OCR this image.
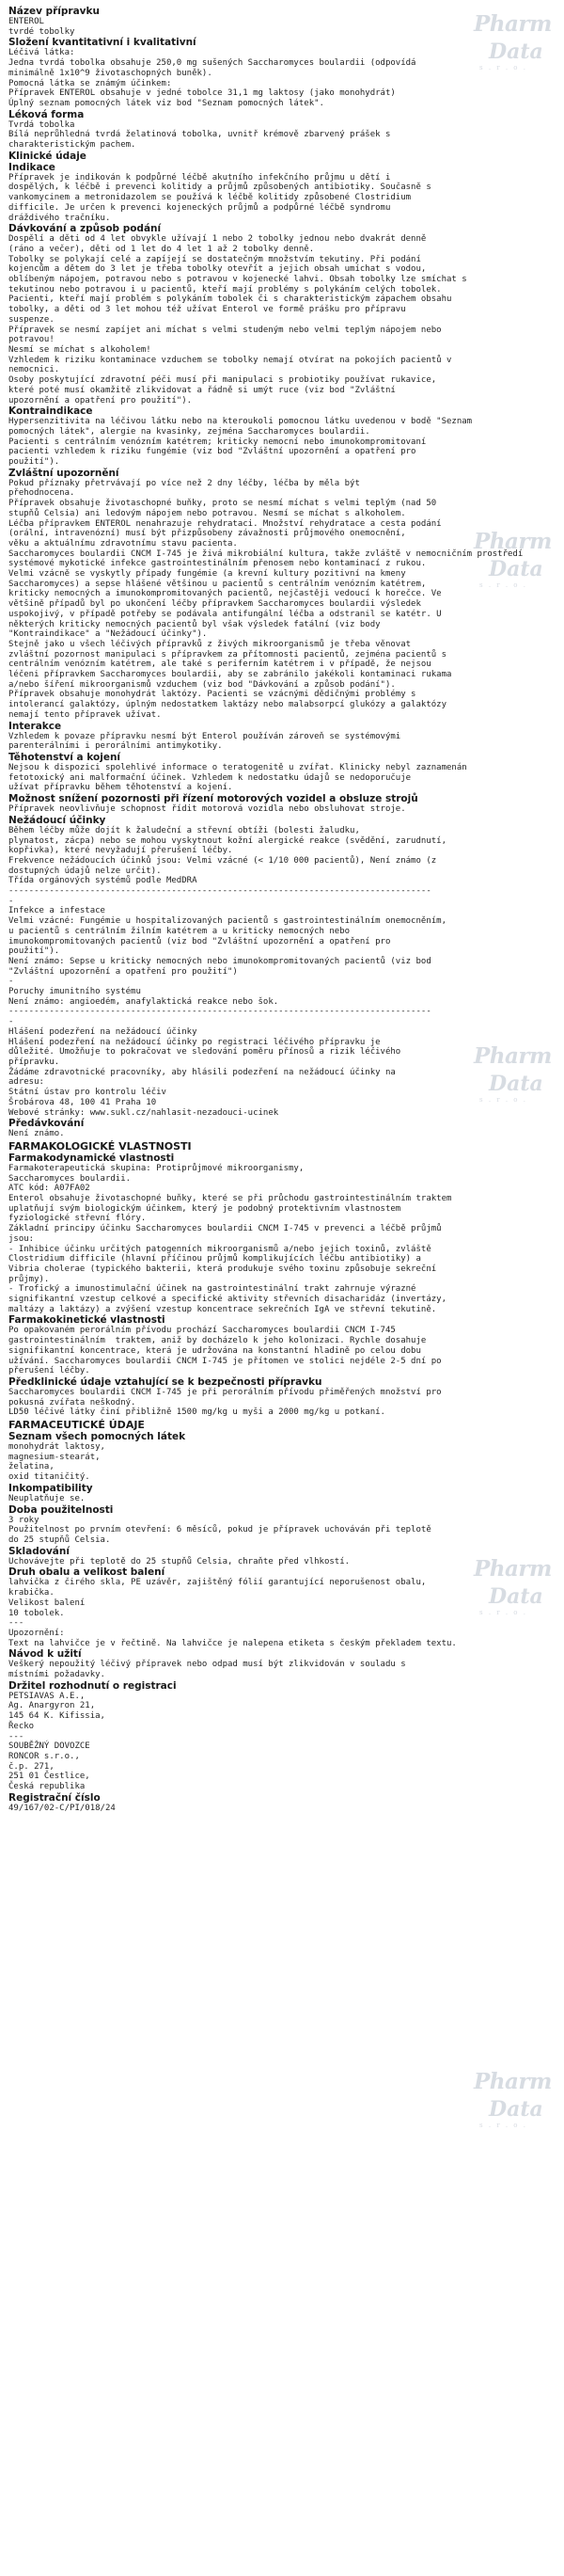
Název přípravku
ENTEROL
tvrdé tobolky
Složení kvantitativní i kvalitativní
Léčivá látka:
Jedna tvrdá tobolka obsahuje 250,0 mg sušených Saccharomyces boulardii (odpovídá
minimálně 1x10^9 životaschopných buněk).
Pomocná látka se známým účinkem:
Přípravek ENTEROL obsahuje v jedné tobolce 31,1 mg laktosy (jako monohydrát)
Úplný seznam pomocných látek viz bod "Seznam pomocných látek".
Léková forma
Tvrdá tobolka
Bílá neprůhledná tvrdá želatinová tobolka, uvnitř krémově zbarvený prášek s
charakteristickým pachem.
Klinické údaje
Indikace
Přípravek je indikován k podpůrné léčbě akutního infekčního průjmu u dětí i
dospělých, k léčbě i prevenci kolitidy a průjmů způsobených antibiotiky. Současně s
vankomycinem a metronidazolem se používá k léčbě kolitidy způsobené Clostridium
difficile. Je určen k prevenci kojeneckých průjmů a podpůrné léčbě syndromu
dráždivého tračníku.
Dávkování a způsob podání
Dospělí a děti od 4 let obvykle užívají 1 nebo 2 tobolky jednou nebo dvakrát denně
(ráno a večer), děti od 1 let do 4 let 1 až 2 tobolky denně.
Tobolky se polykají celé a zapíjejí se dostatečným množstvím tekutiny. Při podání
kojencům a dětem do 3 let je třeba tobolky otevřít a jejich obsah umíchat s vodou,
oblíbeným nápojem, potravou nebo s potravou v kojenecké lahvi. Obsah tobolky lze smíchat s
tekutinou nebo potravou i u pacientů, kteří mají problémy s polykáním celých tobolek.
Pacienti, kteří mají problém s polykáním tobolek či s charakteristickým zápachem obsahu
tobolky, a děti od 3 let mohou též užívat Enterol ve formě prášku pro přípravu
suspenze.
Přípravek se nesmí zapíjet ani míchat s velmi studeným nebo velmi teplým nápojem nebo
potravou!
Nesmí se míchat s alkoholem!
Vzhledem k riziku kontaminace vzduchem se tobolky nemají otvírat na pokojích pacientů v
nemocnici.
Osoby poskytující zdravotní péči musí při manipulaci s probiotiky používat rukavice,
které poté musí okamžitě zlikvidovat a řádně si umýt ruce (viz bod "Zvláštní
upozornění a opatření pro použití").
Kontraindikace
Hypersenzitivita na léčivou látku nebo na kteroukoli pomocnou látku uvedenou v bodě "Seznam
pomocných látek", alergie na kvasinky, zejména Saccharomyces boulardii.
Pacienti s centrálním venózním katétrem; kriticky nemocní nebo imunokompromitovaní
pacienti vzhledem k riziku fungémie (viz bod "Zvláštní upozornění a opatření pro
použití").
Zvláštní upozornění
Pokud příznaky přetrvávají po více než 2 dny léčby, léčba by měla být
přehodnocena.
Přípravek obsahuje životaschopné buňky, proto se nesmí míchat s velmi teplým (nad 50
stupňů Celsia) ani ledovým nápojem nebo potravou. Nesmí se míchat s alkoholem.
Léčba přípravkem ENTEROL nenahrazuje rehydrataci. Množství rehydratace a cesta podání
(orální, intravenózní) musí být přizpůsobeny závažnosti průjmového onemocnění,
věku a aktuálnímu zdravotnímu stavu pacienta.
Saccharomyces boulardii CNCM I-745 je živá mikrobiální kultura, takže zvláště v nemocničním prostředí
systémové mykotické infekce gastrointestinálním přenosem nebo kontaminací z rukou.
Velmi vzácně se vyskytly případy fungémie (a krevní kultury pozitivní na kmeny
Saccharomyces) a sepse hlášené většinou u pacientů s centrálním venózním katétrem,
kriticky nemocných a imunokompromitovaných pacientů, nejčastěji vedoucí k horečce. Ve
většině případů byl po ukončení léčby přípravkem Saccharomyces boulardii výsledek
uspokojivý, v případě potřeby se podávala antifungální léčba a odstranil se katétr. U
některých kriticky nemocných pacientů byl však výsledek fatální (viz body
"Kontraindikace" a "Nežádoucí účinky").
Stejně jako u všech léčivých přípravků z živých mikroorganismů je třeba věnovat
zvláštní pozornost manipulaci s přípravkem za přítomnosti pacientů, zejména pacientů s
centrálním venózním katétrem, ale také s periferním katétrem i v případě, že nejsou
léčeni přípravkem Saccharomyces boulardii, aby se zabránilo jakékoli kontaminaci rukama
a/nebo šíření mikroorganismů vzduchem (viz bod "Dávkování a způsob podání").
Přípravek obsahuje monohydrát laktózy. Pacienti se vzácnými dědičnými problémy s
intolerancí galaktózy, úplným nedostatkem laktázy nebo malabsorpcí glukózy a galaktózy
nemají tento přípravek užívat.
Interakce
Vzhledem k povaze přípravku nesmí být Enterol používán zároveň se systémovými
parenterálními i perorálními antimykotiky.
Těhotenství a kojení
Nejsou k dispozici spolehlivé informace o teratogenitě u zvířat. Klinicky nebyl zaznamenán
fetotoxický ani malformační účinek. Vzhledem k nedostatku údajů se nedoporučuje
užívat přípravku během těhotenství a kojení.
Možnost snížení pozornosti při řízení motorových vozidel a obsluze strojů
Přípravek neovlivňuje schopnost řídit motorová vozidla nebo obsluhovat stroje.
Nežádoucí účinky
Během léčby může dojít k žaludeční a střevní obtíži (bolesti žaludku,
plynatost, zácpa) nebo se mohou vyskytnout kožní alergické reakce (svědění, zarudnutí,
kopřivka), které nevyžadují přerušení léčby.
Frekvence nežádoucích účinků jsou: Velmi vzácné (< 1/10 000 pacientů), Není známo (z
dostupných údajů nelze určit).
Třída orgánových systémů podle MedDRA
-----------------------------------------------------------------------------------
-
Infekce a infestace
Velmi vzácné: Fungémie u hospitalizovaných pacientů s gastrointestinálním onemocněním,
u pacientů s centrálním žilním katétrem a u kriticky nemocných nebo
imunokompromitovaných pacientů (viz bod "Zvláštní upozornění a opatření pro
použití").
Není známo: Sepse u kriticky nemocných nebo imunokompromitovaných pacientů (viz bod
"Zvláštní upozornění a opatření pro použití")
-
Poruchy imunitního systému
Není známo: angioedém, anafylaktická reakce nebo šok.
-----------------------------------------------------------------------------------
-
Hlášení podezření na nežádoucí účinky
Hlášení podezření na nežádoucí účinky po registraci léčivého přípravku je
důležité. Umožňuje to pokračovat ve sledování poměru přínosů a rizik léčivého
přípravku.
Žádáme zdravotnické pracovníky, aby hlásili podezření na nežádoucí účinky na
adresu:
Státní ústav pro kontrolu léčiv
Šrobárova 48, 100 41 Praha 10
Webové stránky: www.sukl.cz/nahlasit-nezadouci-ucinek
Předávkování
Není známo.
FARMAKOLOGICKÉ VLASTNOSTI
Farmakodynamické vlastnosti
Farmakoterapeutická skupina: Protiprůjmové mikroorganismy,
Saccharomyces boulardii.
ATC kód: A07FA02
Enterol obsahuje životaschopné buňky, které se při průchodu gastrointestinálním traktem
uplatňují svým biologickým účinkem, který je podobný protektivním vlastnostem
fyziologické střevní flóry.
Základní principy účinku Saccharomyces boulardii CNCM I-745 v prevenci a léčbě průjmů
jsou:
- Inhibice účinku určitých patogenních mikroorganismů a/nebo jejich toxinů, zvláště
Clostridium difficile (hlavní příčinou průjmů komplikujících léčbu antibiotiky) a
Vibria cholerae (typického bakterii, která produkuje svého toxinu způsobuje sekreční
průjmy).
- Trofický a imunostimulační účinek na gastrointestinální trakt zahrnuje výrazné
signifikantní vzestup celkové a specifické aktivity střevních disacharidáz (invertázy,
maltázy a laktázy) a zvýšení vzestup koncentrace sekrečních IgA ve střevní tekutině.
Farmakokinetické vlastnosti
Po opakovaném perorálním přívodu prochází Saccharomyces boulardii CNCM I-745
gastrointestinálním  traktem, aniž by docházelo k jeho kolonizaci. Rychle dosahuje
signifikantní koncentrace, která je udržována na konstantní hladině po celou dobu
užívání. Saccharomyces boulardii CNCM I-745 je přítomen ve stolici nejdéle 2-5 dní po
přerušení léčby.
Předklinické údaje vztahující se k bezpečnosti přípravku
Saccharomyces boulardii CNCM I-745 je při perorálním přívodu přiměřených množství pro
pokusná zvířata neškodný.
LD50 léčivé látky činí přibližně 1500 mg/kg u myši a 2000 mg/kg u potkaní.
FARMACEUTICKÉ ÚDAJE
Seznam všech pomocných látek
monohydrát laktosy,
magnesium-stearát,
želatina,
oxid titaničitý.
Inkompatibility
Neuplatňuje se.
Doba použitelnosti
3 roky
Použitelnost po prvním otevření: 6 měsíců, pokud je přípravek uchováván při teplotě
do 25 stupňů Celsia.
Skladování
Uchovávejte při teplotě do 25 stupňů Celsia, chraňte před vlhkostí.
Druh obalu a velikost balení
lahvička z čirého skla, PE uzávěr, zajištěný fólií garantující neporušenost obalu,
krabička.
Velikost balení
10 tobolek.
---
Upozornění:
Text na lahvičce je v řečtině. Na lahvičce je nalepena etiketa s českým překladem textu.
Návod k užití
Veškerý nepoužitý léčivý přípravek nebo odpad musí být zlikvidován v souladu s
místními požadavky.
Držitel rozhodnutí o registraci
PETSIAVAS A.E.,
Ag. Anargyron 21,
145 64 K. Kifissia,
Řecko
---
SOUBĚŽNÝ DOVOZCE
RONCOR s.r.o.,
č.p. 271,
251 01 Čestlice,
Česká republika
Registrační číslo
49/167/02-C/PI/018/24
Pharm
Data
s . r . o .
Pharm
Data
s . r . o .
Pharm
Data
s . r . o .
Pharm
Data
s . r . o .
Pharm
Data
s . r . o .
